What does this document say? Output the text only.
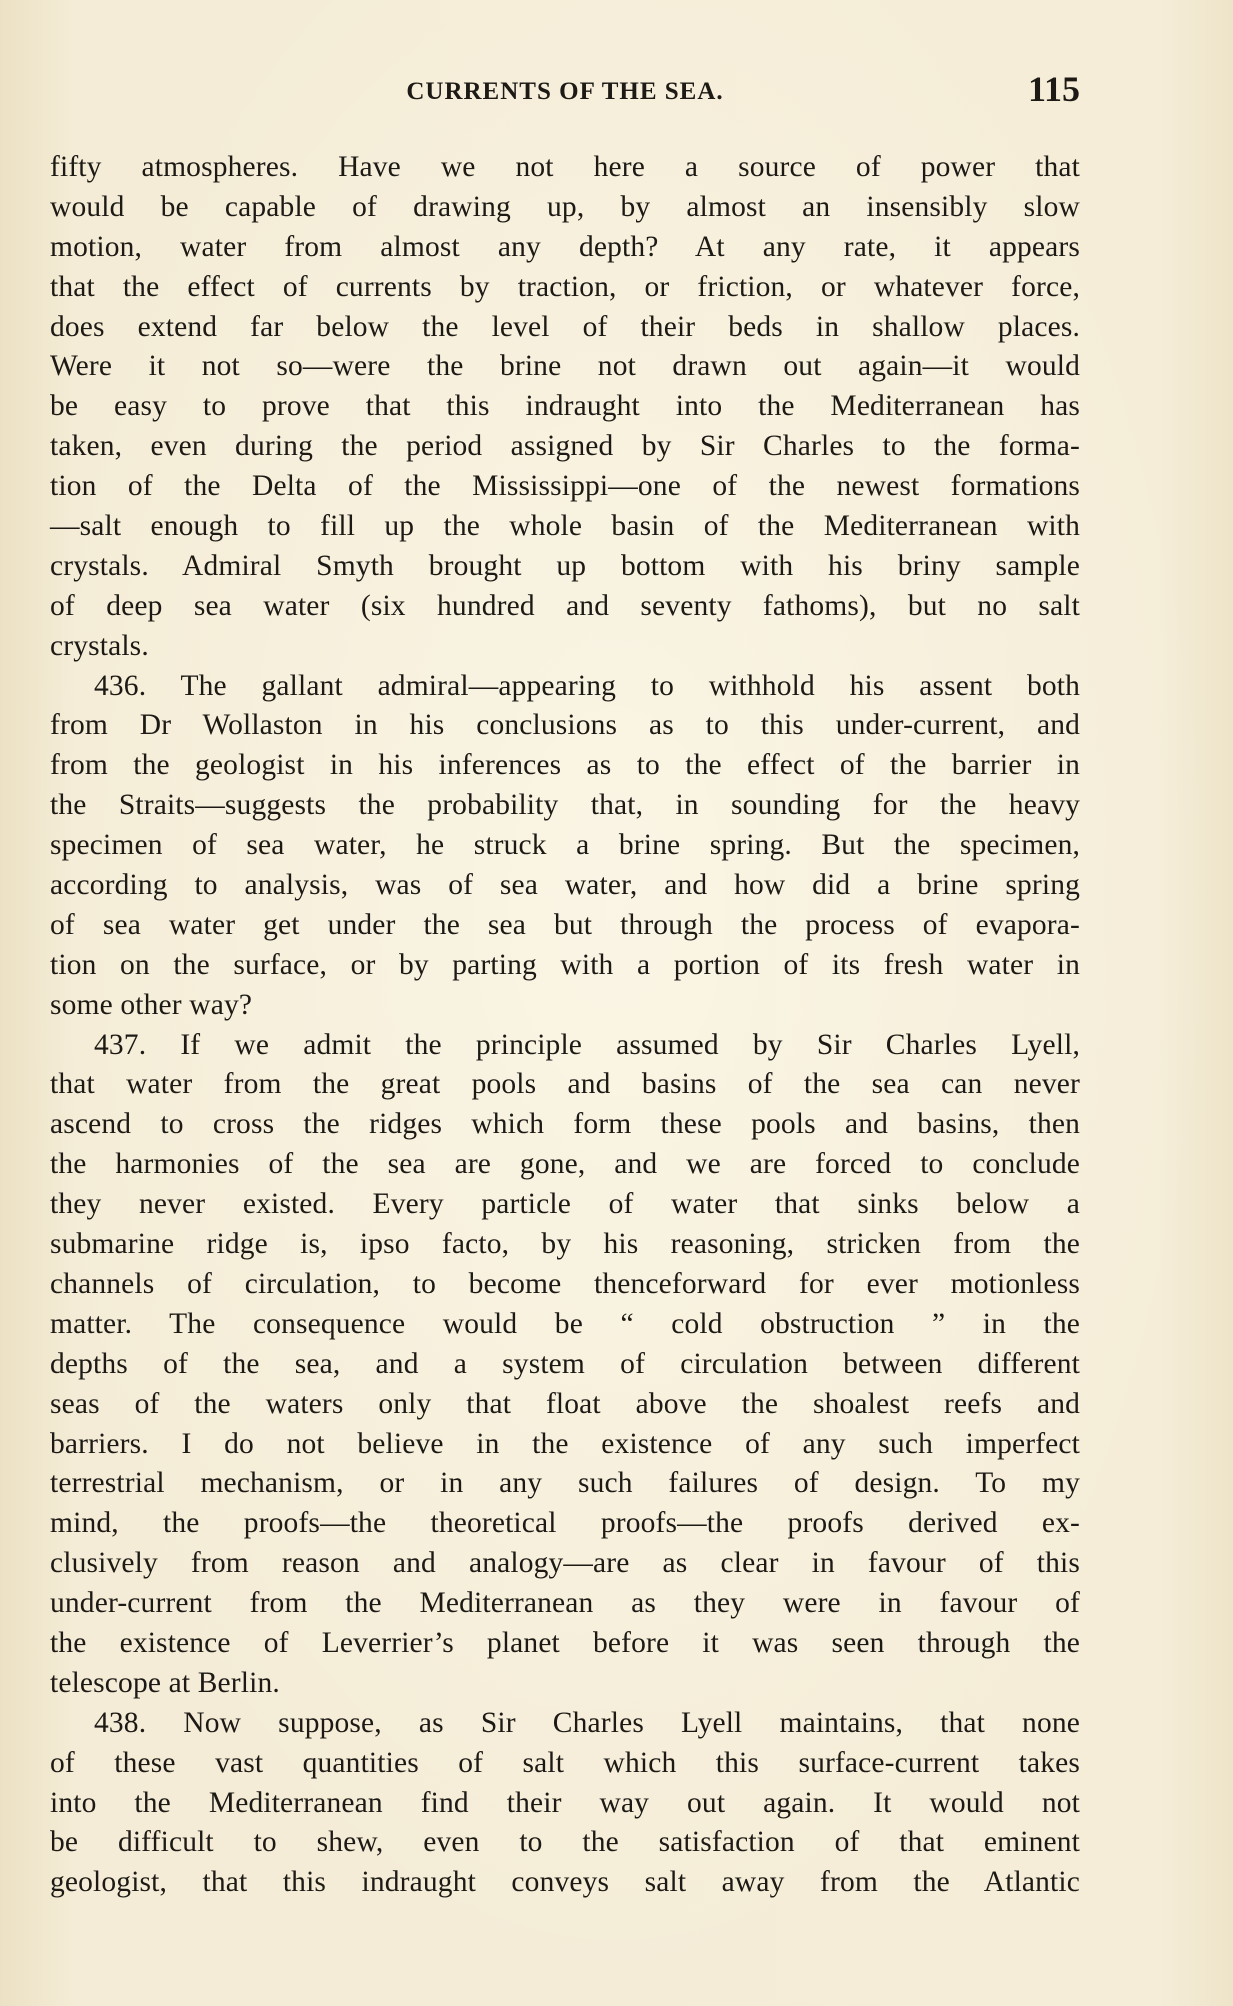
CURRENTS OF THE SEA.	115
fifty atmospheres. Have we not here a source of power that
would be capable of drawing up, by almost an insensibly slow
motion, water from almost any depth? At any rate, it appears
that the effect of currents by traction, or friction, or whatever force,
does extend far below the level of their beds in shallow places.
Were it not so—were the brine not drawn out again—it would
be easy to prove that this indraught into the Mediterranean has
taken, even during the period assigned by Sir Charles to the forma-
tion of the Delta of the Mississippi—one of the newest formations
—salt enough to fill up the whole basin of the Mediterranean with
crystals. Admiral Smyth brought up bottom with his briny sample
of deep sea water (six hundred and seventy fathoms), but no salt
crystals.
436. The gallant admiral—appearing to withhold his assent both
from Dr Wollaston in his conclusions as to this under-current, and
from the geologist in his inferences as to the effect of the barrier in
the Straits—suggests the probability that, in sounding for the heavy
specimen of sea water, he struck a brine spring. But the specimen,
according to analysis, was of sea water, and how did a brine spring
of sea water get under the sea but through the process of evapora-
tion on the surface, or by parting with a portion of its fresh water in
some other way?
437. If we admit the principle assumed by Sir Charles Lyell,
that water from the great pools and basins of the sea can never
ascend to cross the ridges which form these pools and basins, then
the harmonies of the sea are gone, and we are forced to conclude
they never existed. Every particle of water that sinks below a
submarine ridge is, ipso facto, by his reasoning, stricken from the
channels of circulation, to become thenceforward for ever motionless
matter. The consequence would be “ cold obstruction ” in the
depths of the sea, and a system of circulation between different
seas of the waters only that float above the shoalest reefs and
barriers. I do not believe in the existence of any such imperfect
terrestrial mechanism, or in any such failures of design. To my
mind, the proofs—the theoretical proofs—the proofs derived ex-
clusively from reason and analogy—are as clear in favour of this
under-current from the Mediterranean as they were in favour of
the existence of Leverrier’s planet before it was seen through the
telescope at Berlin.
438. Now suppose, as Sir Charles Lyell maintains, that none
of these vast quantities of salt which this surface-current takes
into the Mediterranean find their way out again. It would not
be difficult to shew, even to the satisfaction of that eminent
geologist, that this indraught conveys salt away from the Atlantic
